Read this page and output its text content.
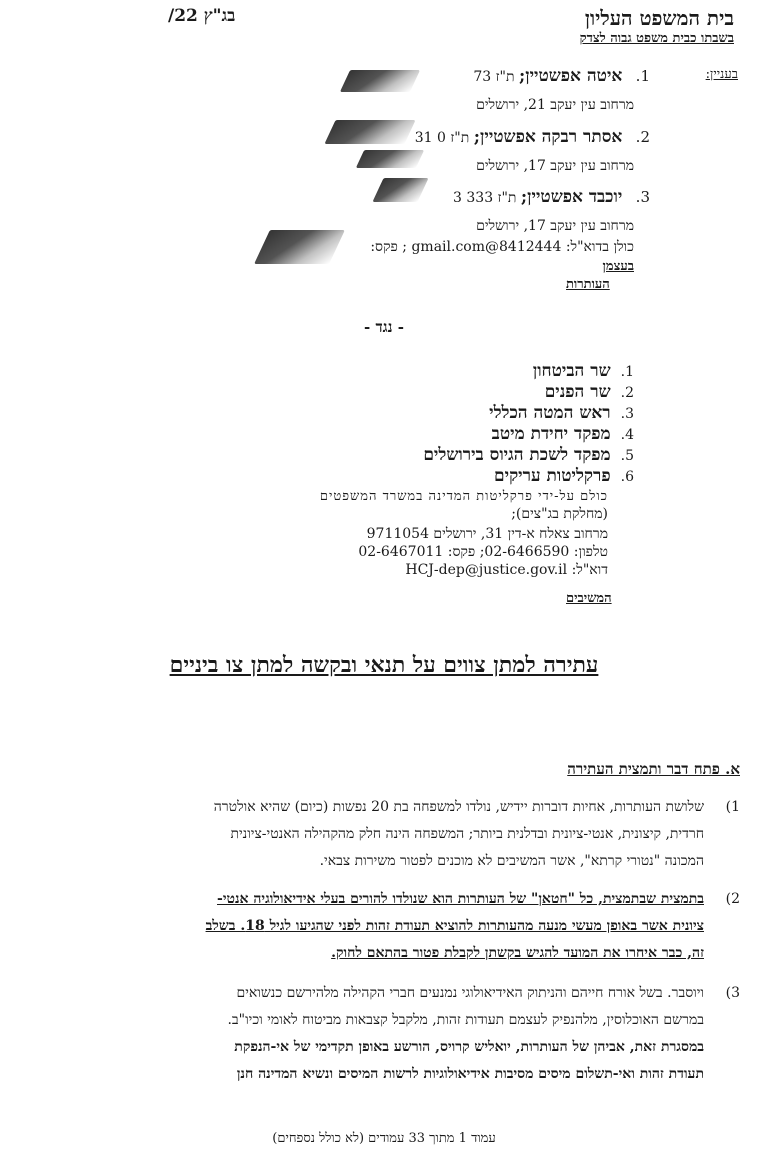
בית המשפט העליון
בשבתו כבית משפט גבוה לצדק
בג"ץ 22/
בעניין:
1.   איטה אפשטיין; ת"ז 73
מרחוב עין יעקב 21, ירושלים
2.   אסתר רבקה אפשטיין; ת"ז 0 31
מרחוב עין יעקב 17, ירושלים
3.   יוכבד אפשטיין; ת"ז 333 3
מרחוב עין יעקב 17, ירושלים
כולן בדוא"ל: 8412444@gmail.com ; פקס:
בעצמן
העותרות
- נגד -
1.שר הביטחון
2.שר הפנים
3.ראש המטה הכללי
4.מפקד יחידת מיטב
5.מפקד לשכת הגיוס בירושלים
6.פרקליטות עריקים
כולם על-ידי פרקליטות המדינה במשרד המשפטים
(מחלקת בג"צים);
מרחוב צאלח א-דין 31, ירושלים 9711054
טלפון: 02-6466590; פקס: 02-6467011
דוא"ל: HCJ-dep@justice.gov.il
המשיבים
עתירה למתן צווים על תנאי ובקשה למתן צו ביניים
א. פתח דבר ותמצית העתירה
1)
שלושת העותרות, אחיות דוברות יידיש, נולדו למשפחה בת 20 נפשות (כיום) שהיא אולטרה
חרדית, קיצונית, אנטי-ציונית ובדלנית ביותר; המשפחה הינה חלק מהקהילה האנטי-ציונית
המכונה "נטורי קרתא", אשר המשיבים לא מוכנים לפטור משירות צבאי.
2)
בתמצית שבתמצית, כל "חטאן" של העותרות הוא שנולדו להורים בעלי אידיאולוגיה אנטי-
ציונית אשר באופן מעשי מנעה מהעותרות להוציא תעודת זהות לפני שהגיעו לגיל 18. בשלב
זה, כבר איחרו את המועד להגיש בקשתן לקבלת פטור בהתאם לחוק.
3)
ויוסבר. בשל אורח חייהם והניתוק האידיאולוגי נמנעים חברי הקהילה מלהירשם כנשואים
במרשם האוכלוסין, מלהנפיק לעצמם תעודות זהות, מלקבל קצבאות מביטוח לאומי וכיו"ב.
במסגרת זאת, אביהן של העותרות, יואליש קרויס, הורשע באופן תקדימי של אי-הנפקת
תעודת זהות ואי-תשלום מיסים מסיבות אידיאולוגיות לרשות המיסים ונשיא המדינה חנן
עמוד 1 מתוך 33 עמודים (לא כולל נספחים)
